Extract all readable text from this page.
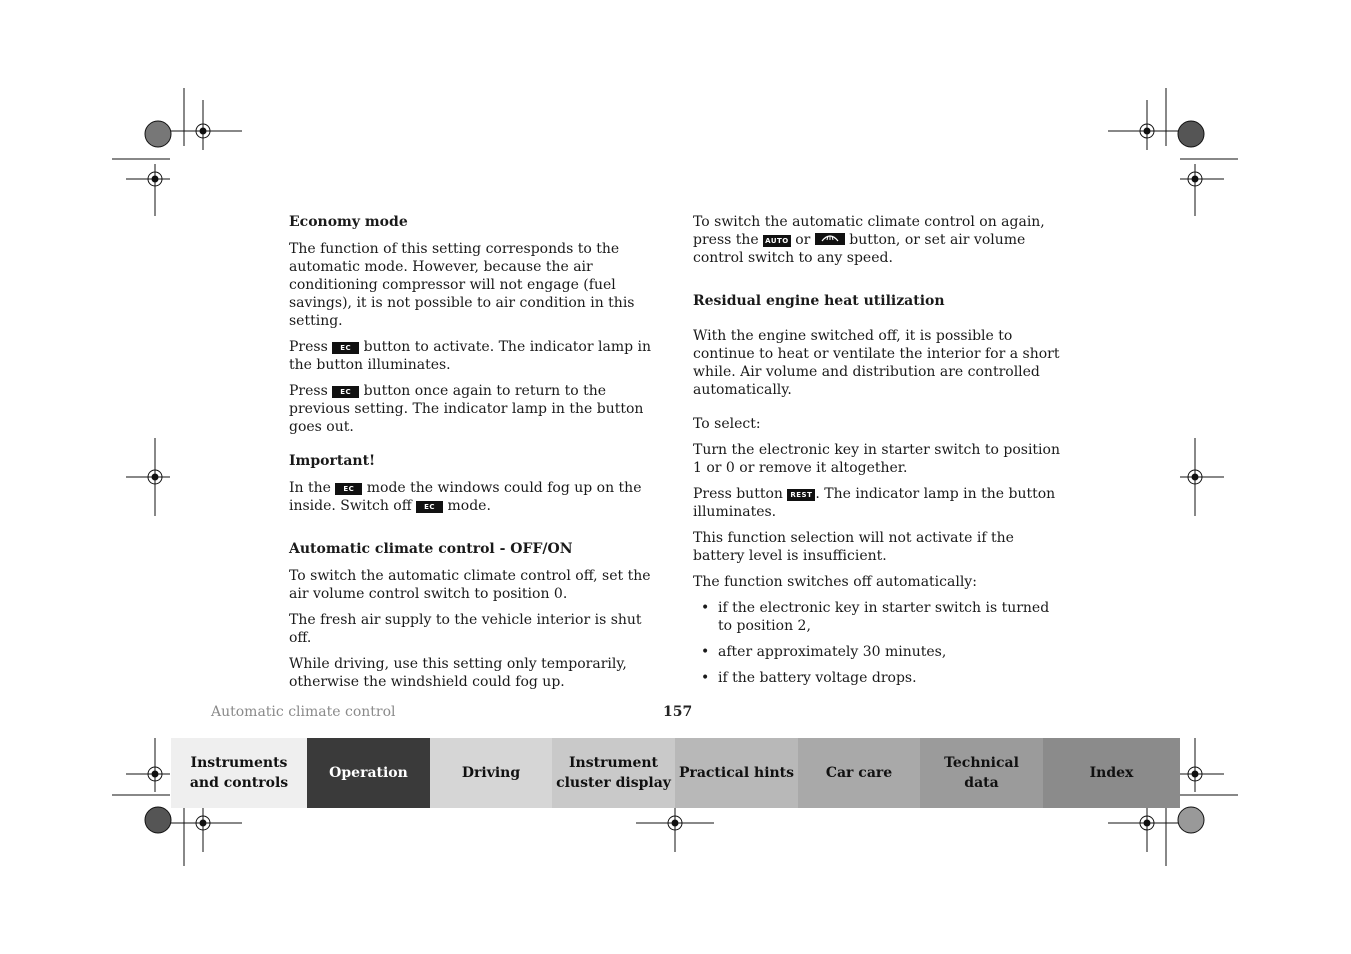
Economy mode
The function of this setting corresponds to the automatic mode. However, because the air conditioning compressor will not engage (fuel savings), it is not possible to air condition in this setting.
Press EC button to activate. The indicator lamp in the button illuminates.
Press EC button once again to return to the previous setting. The indicator lamp in the button goes out.
Important!
In the EC mode the windows could fog up on the inside. Switch off EC mode.
Automatic climate control - OFF/ON
To switch the automatic climate control off, set the air volume control switch to position 0.
The fresh air supply to the vehicle interior is shut off.
While driving, use this setting only temporarily, otherwise the windshield could fog up.
To switch the automatic climate control on again, press the AUTO or	button, or set air volume control switch to any speed.
Residual engine heat utilization
With the engine switched off, it is possible to continue to heat or ventilate the interior for a short while. Air volume and distribution are controlled automatically.
To select:
Turn the electronic key in starter switch to position 1 or 0 or remove it altogether.
Press button REST . The indicator lamp in the button illuminates.
This function selection will not activate if the battery level is insufficient.
The function switches off automatically:
• if the electronic key in starter switch is turned to position 2,
• after approximately 30 minutes,
• if the battery voltage drops.
Automatic climate control	157
Instruments
and controls
Operation	Driving
Instrument
cluster display
Practical hints Car care
Technical
data
Index
